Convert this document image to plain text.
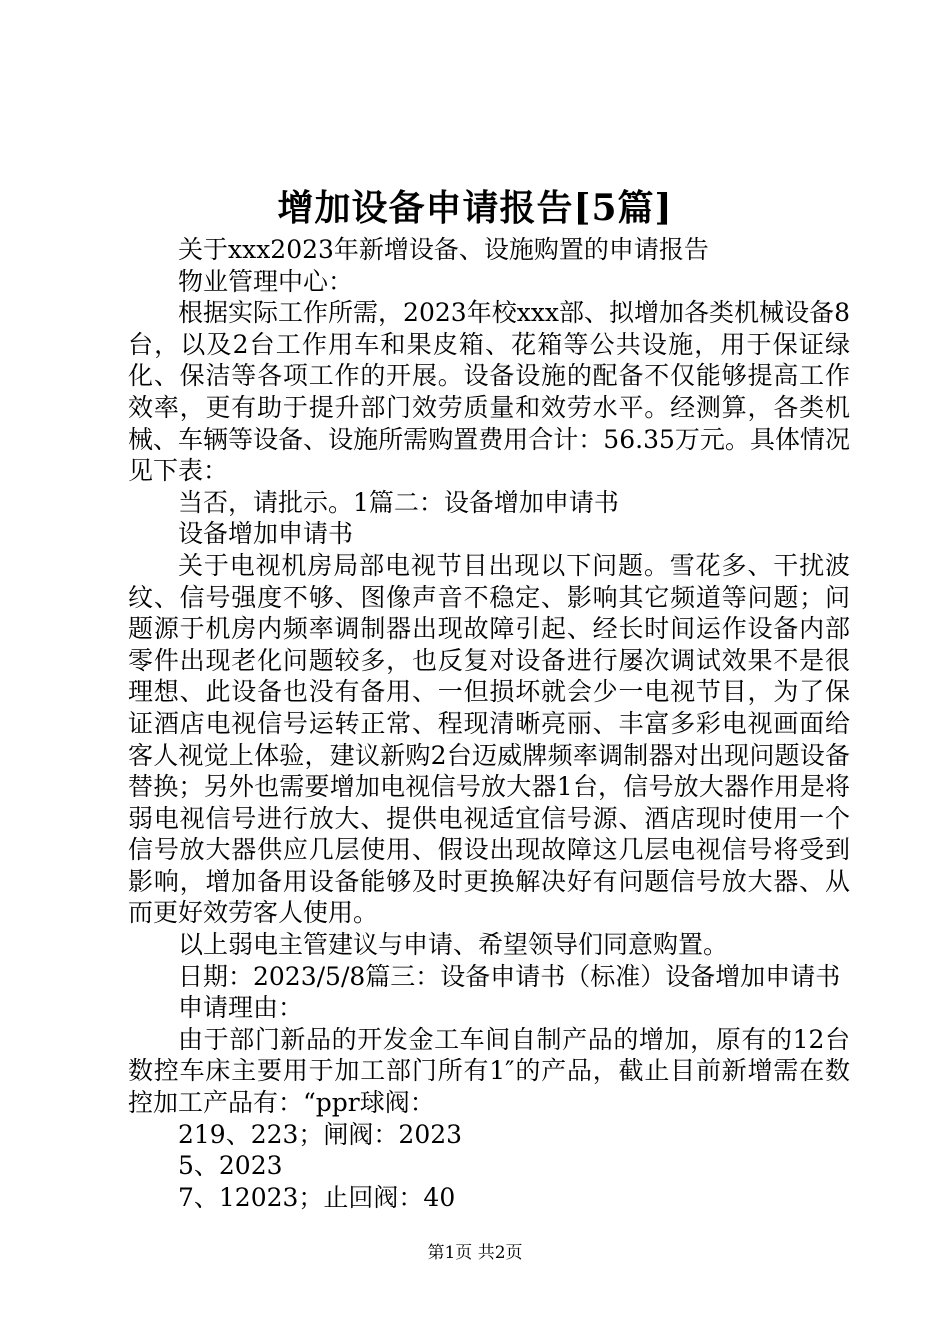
增加设备申请报告[5篇]

关于xxx2023年新增设备、设施购置的申请报告

物业管理中心：

根据实际工作所需，2023年校xxx部、拟增加各类机械设备8台，以及2台工作用车和果皮箱、花箱等公共设施，用于保证绿化、保洁等各项工作的开展。设备设施的配备不仅能够提高工作效率，更有助于提升部门效劳质量和效劳水平。经测算，各类机械、车辆等设备、设施所需购置费用合计：56.35万元。具体情况见下表：

当否，请批示。1篇二：设备增加申请书

设备增加申请书

关于电视机房局部电视节目出现以下问题。雪花多、干扰波纹、信号强度不够、图像声音不稳定、影响其它频道等问题；问题源于机房内频率调制器出现故障引起、经长时间运作设备内部零件出现老化问题较多，也反复对设备进行屡次调试效果不是很理想、此设备也没有备用、一但损坏就会少一电视节目，为了保证酒店电视信号运转正常、程现清晰亮丽、丰富多彩电视画面给客人视觉上体验，建议新购2台迈威牌频率调制器对出现问题设备替换；另外也需要增加电视信号放大器1台，信号放大器作用是将弱电视信号进行放大、提供电视适宜信号源、酒店现时使用一个信号放大器供应几层使用、假设出现故障这几层电视信号将受到影响，增加备用设备能够及时更换解决好有问题信号放大器、从而更好效劳客人使用。

以上弱电主管建议与申请、希望领导们同意购置。

日期：2023/5/8篇三：设备申请书（标准）设备增加申请书

申请理由：

由于部门新品的开发金工车间自制产品的增加，原有的12台数控车床主要用于加工部门所有1″的产品，截止目前新增需在数控加工产品有：“ppr球阀：

219、223；闸阀：2023

5、2023

7、12023；止回阀：40

第1页 共2页
